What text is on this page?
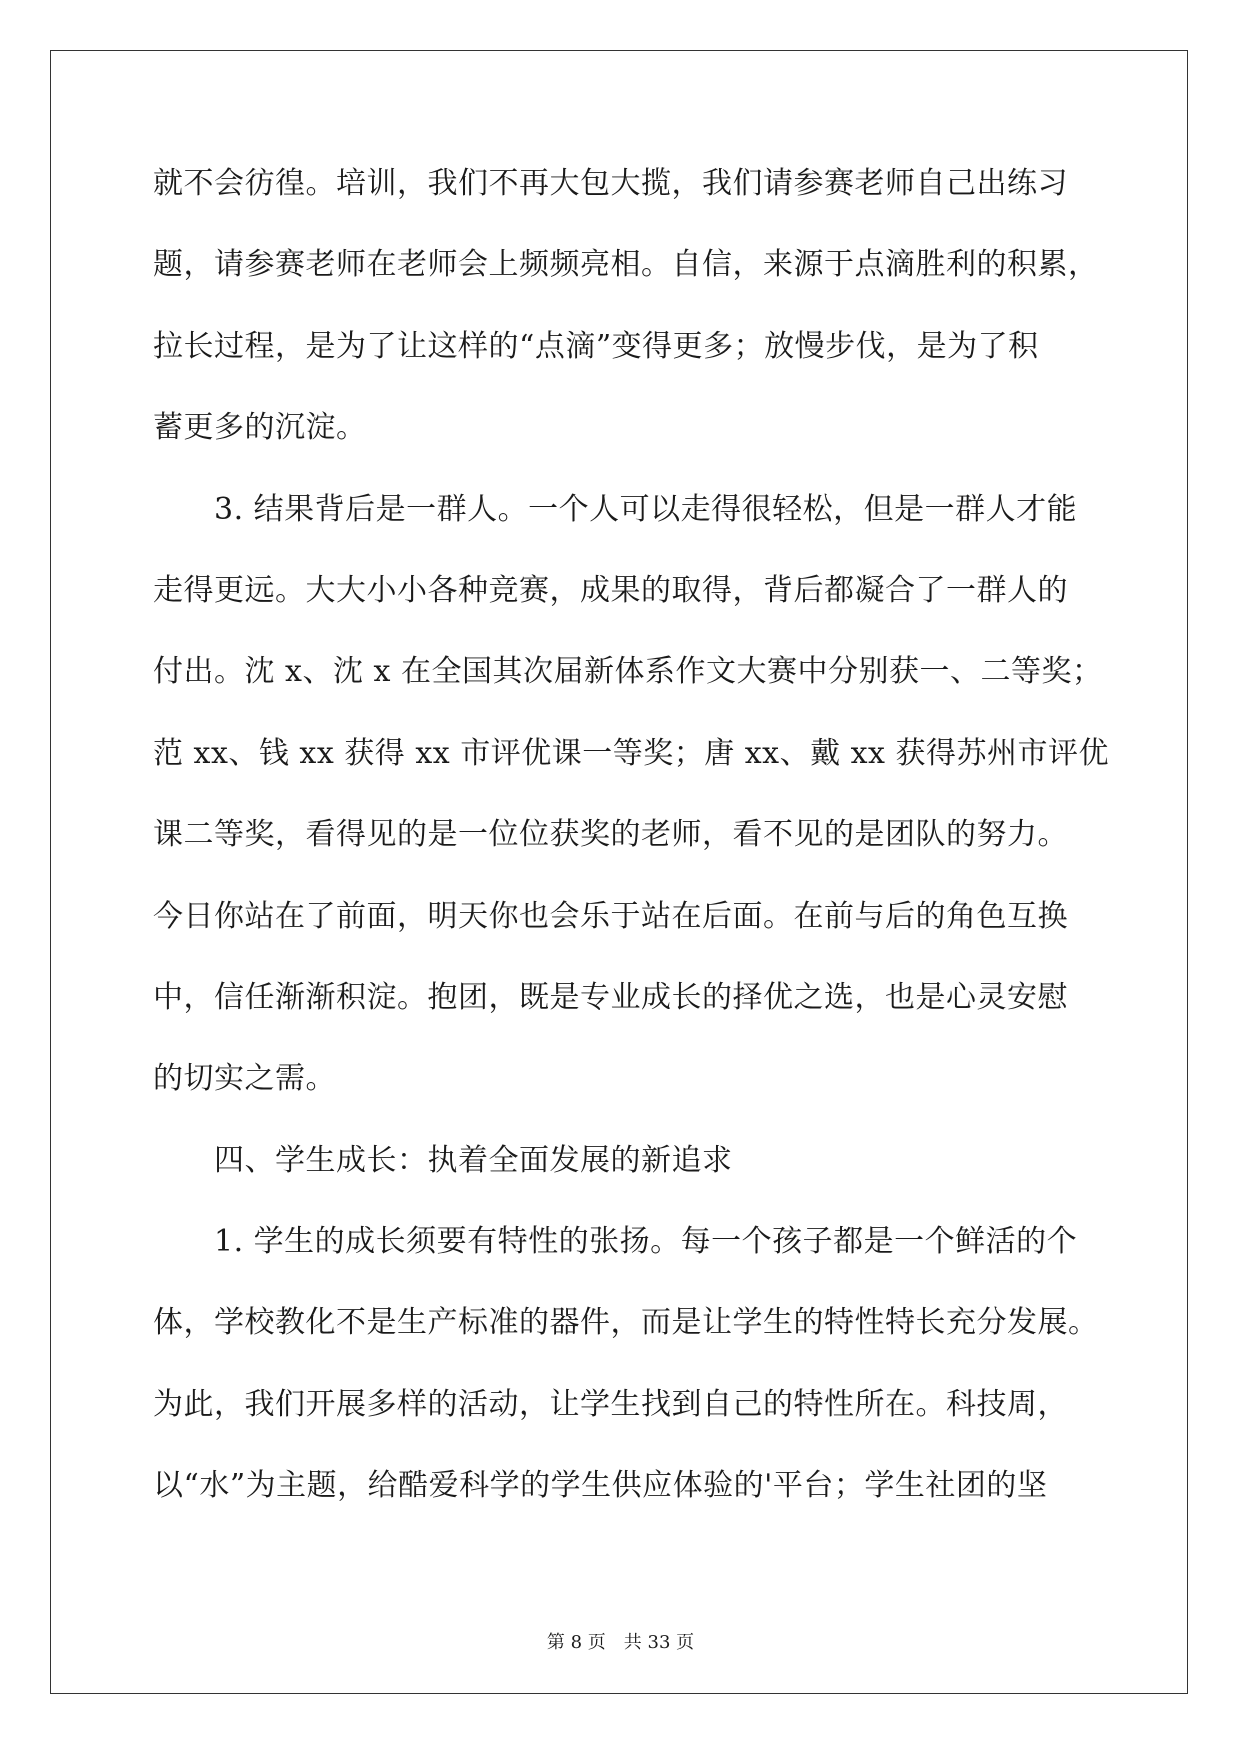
就不会彷徨。培训，我们不再大包大揽，我们请参赛老师自己出练习
题，请参赛老师在老师会上频频亮相。自信，来源于点滴胜利的积累，
拉长过程，是为了让这样的“点滴”变得更多；放慢步伐，是为了积
蓄更多的沉淀。
　　3. 结果背后是一群人。一个人可以走得很轻松，但是一群人才能
走得更远。大大小小各种竞赛，成果的取得，背后都凝合了一群人的
付出。沈 x、沈 x 在全国其次届新体系作文大赛中分别获一、二等奖；
范 xx、钱 xx 获得 xx 市评优课一等奖；唐 xx、戴 xx 获得苏州市评优
课二等奖，看得见的是一位位获奖的老师，看不见的是团队的努力。
今日你站在了前面，明天你也会乐于站在后面。在前与后的角色互换
中，信任渐渐积淀。抱团，既是专业成长的择优之选，也是心灵安慰
的切实之需。
　　四、学生成长：执着全面发展的新追求
　　1. 学生的成长须要有特性的张扬。每一个孩子都是一个鲜活的个
体，学校教化不是生产标准的器件，而是让学生的特性特长充分发展。
为此，我们开展多样的活动，让学生找到自己的特性所在。科技周，
以“水”为主题，给酷爱科学的学生供应体验的'平台；学生社团的坚
第 8 页　共 33 页
